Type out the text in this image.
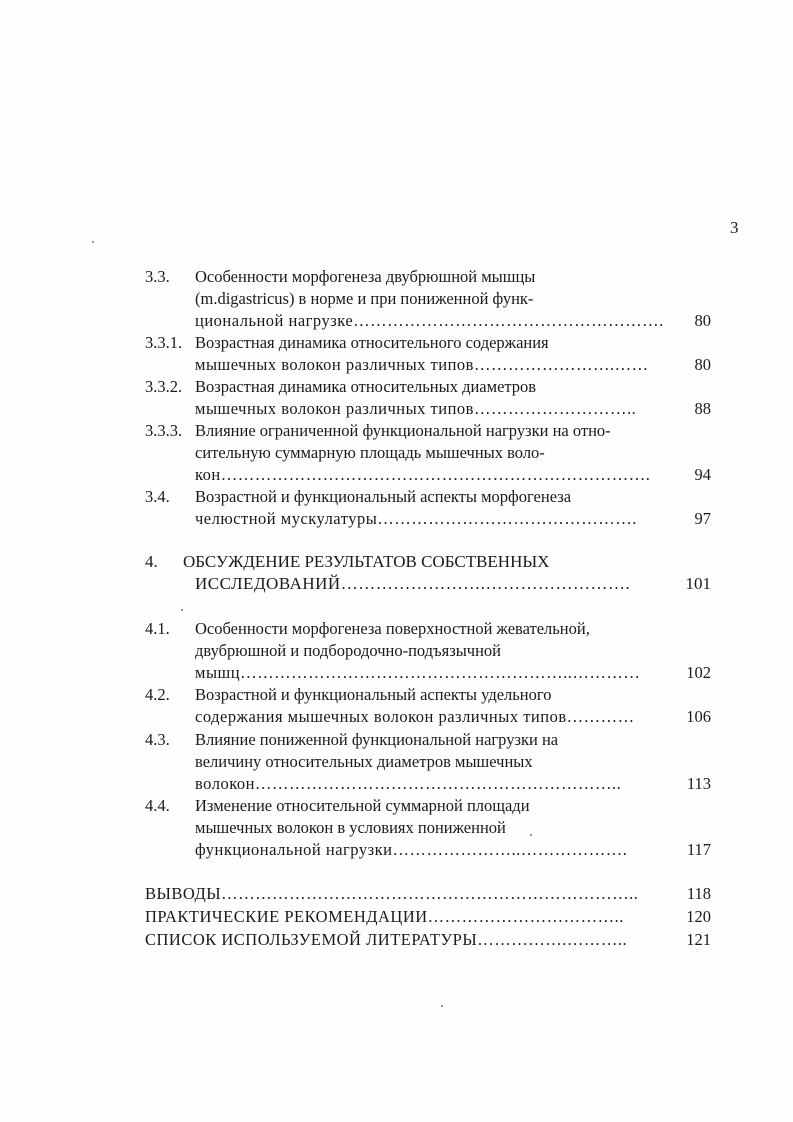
3
3.3. Особенности морфогенеза двубрюшной мышцы
(m.digastricus) в норме и при пониженной функ-
циональной нагрузке……………………………………………….	80
3.3.1. Возрастная динамика относительного содержания
мышечных волокон различных типов…………………….……	80
3.3.2. Возрастная динамика относительных диаметров
мышечных волокон различных типов………………………..	88
3.3.3. Влияние ограниченной функциональной нагрузки на отно-
сительную суммарную площадь мышечных воло-
кон………………………………………………………………….	94
3.4. Возрастной и функциональный аспекты морфогенеза
челюстной мускулатуры……………………………………….	97
4. ОБСУЖДЕНИЕ РЕЗУЛЬТАТОВ СОБСТВЕННЫХ
ИССЛЕДОВАНИЙ…………………….…………………….	101
4.1. Особенности морфогенеза поверхностной жевательной,
двубрюшной и подбородочно-подъязычной
мышц…………………………………………………..…………	102
4.2. Возрастной и функциональный аспекты удельного
содержания мышечных волокон различных типов…………	106
4.3. Влияние пониженной функциональной нагрузки на
величину относительных диаметров мышечных
волокон………………………………………………………..	113
4.4. Изменение относительной суммарной площади
мышечных волокон в условиях пониженной
функциональной нагрузки…………………..……………….	117
ВЫВОДЫ………………………………………………………………..	118
ПРАКТИЧЕСКИЕ РЕКОМЕНДАЦИИ……………………………..	120
СПИСОК ИСПОЛЬЗУЕМОЙ ЛИТЕРАТУРЫ…………….………..	121
